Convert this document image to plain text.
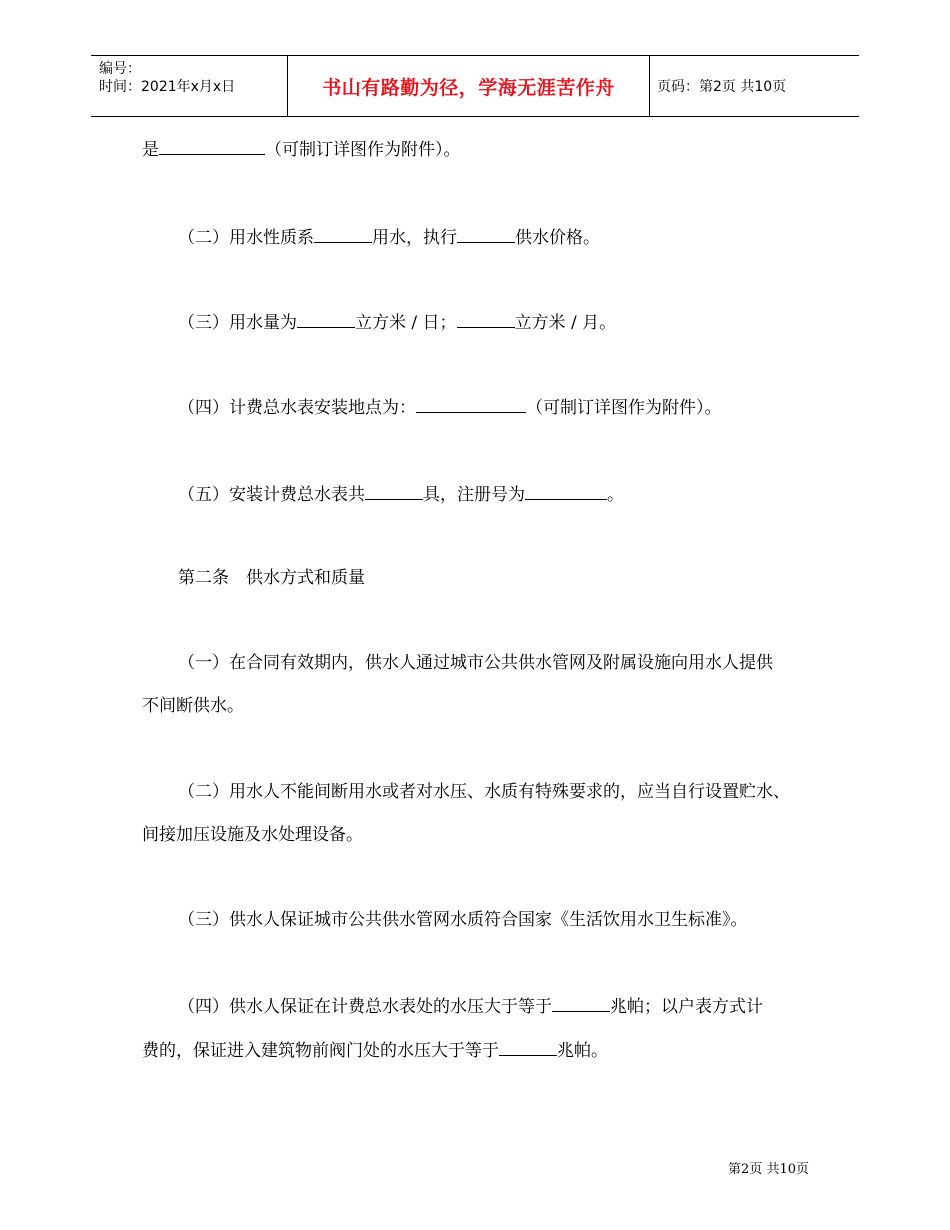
编号：
时间：2021年x月x日	书山有路勤为径，学海无涯苦作舟	页码：第2页 共10页
是	（可制订详图作为附件）。
（二）用水性质系	用水，执行	供水价格。
（三）用水量为	立方米 / 日；	立方米 / 月。
（四）计费总水表安装地点为：	（可制订详图作为附件）。
（五）安装计费总水表共	具，注册号为	。
第二条　供水方式和质量
（一）在合同有效期内，供水人通过城市公共供水管网及附属设施向用水人提供
不间断供水。
（二）用水人不能间断用水或者对水压、水质有特殊要求的，应当自行设置贮水、
间接加压设施及水处理设备。
（三）供水人保证城市公共供水管网水质符合国家《生活饮用水卫生标准》。
（四）供水人保证在计费总水表处的水压大于等于	兆帕；以户表方式计
费的，保证进入建筑物前阀门处的水压大于等于	兆帕。
第2页 共10页
